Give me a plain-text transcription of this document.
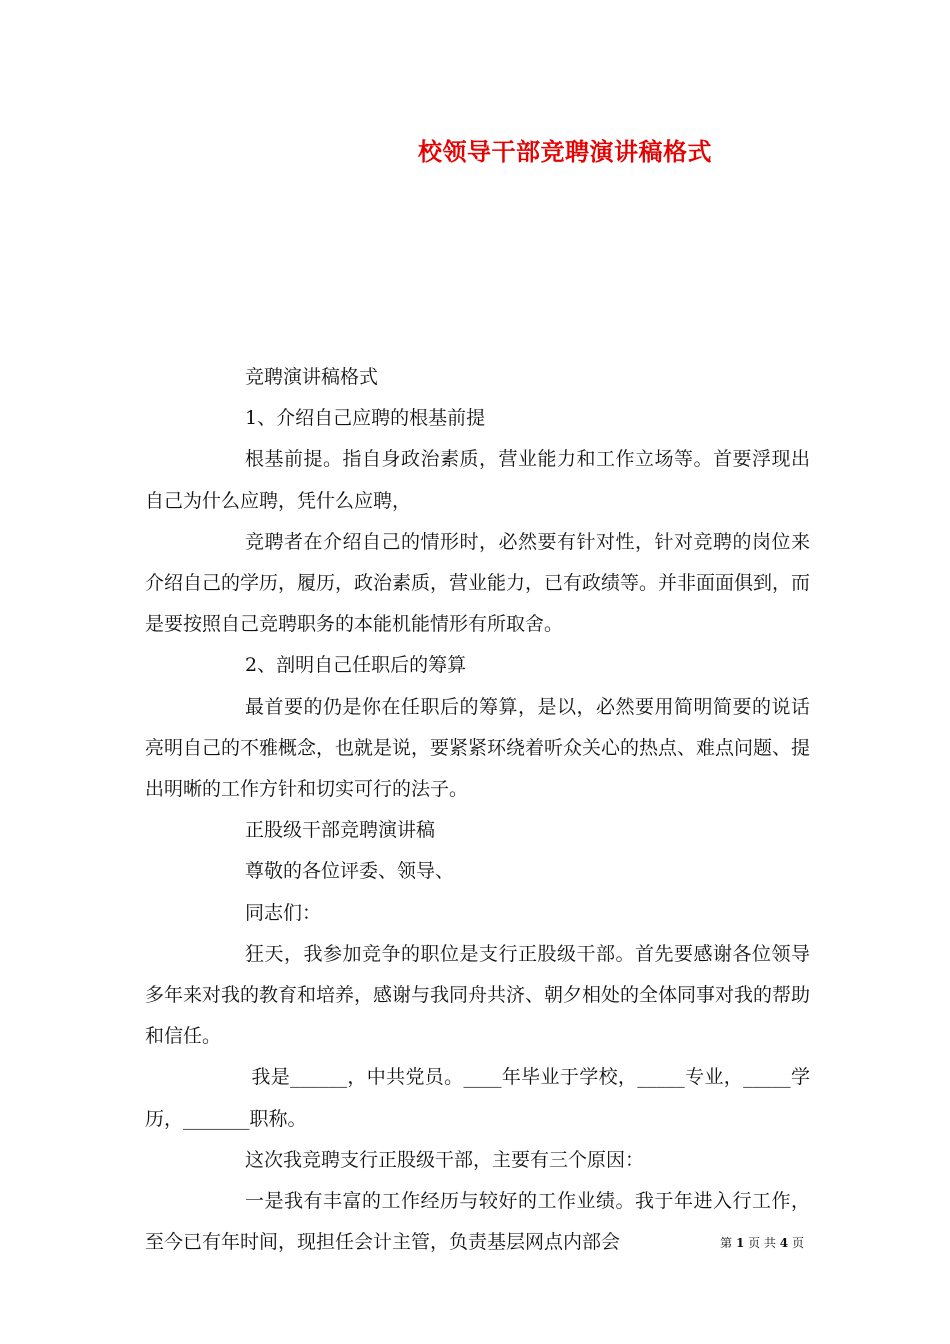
校领导干部竞聘演讲稿格式

竞聘演讲稿格式

1、介绍自己应聘的根基前提

根基前提。指自身政治素质，营业能力和工作立场等。首要浮现出自己为什么应聘，凭什么应聘，

竞聘者在介绍自己的情形时，必然要有针对性，针对竞聘的岗位来介绍自己的学历，履历，政治素质，营业能力，已有政绩等。并非面面俱到，而是要按照自己竞聘职务的本能机能情形有所取舍。

2、剖明自己任职后的筹算

最首要的仍是你在任职后的筹算，是以，必然要用简明简要的说话亮明自己的不雅概念，也就是说，要紧紧环绕着听众关心的热点、难点问题、提出明晰的工作方针和切实可行的法子。

正股级干部竞聘演讲稿

尊敬的各位评委、领导、

同志们：

狂天，我参加竞争的职位是支行正股级干部。首先要感谢各位领导多年来对我的教育和培养，感谢与我同舟共济、朝夕相处的全体同事对我的帮助和信任。

我是______，中共党员。____年毕业于学校，_____专业，_____学历，_______职称。

这次我竞聘支行正股级干部，主要有三个原因：

一是我有丰富的工作经历与较好的工作业绩。我于年进入行工作，至今已有年时间，现担任会计主管，负责基层网点内部会	第 1 页 共 4 页
